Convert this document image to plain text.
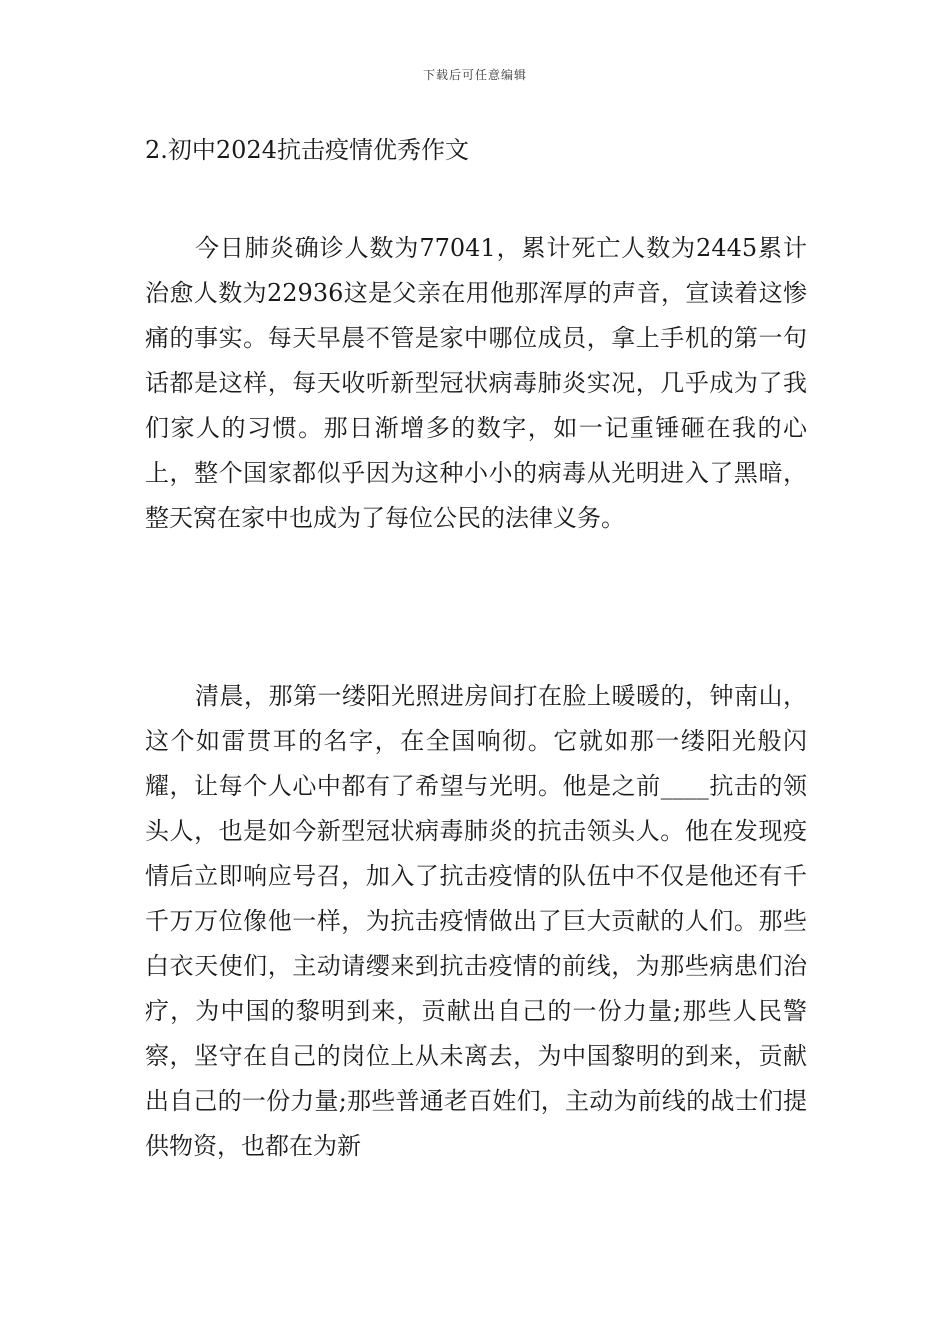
下载后可任意编辑
2.初中2024抗击疫情优秀作文

今日肺炎确诊人数为77041，累计死亡人数为2445累计治愈人数为22936这是父亲在用他那浑厚的声音，宣读着这惨痛的事实。每天早晨不管是家中哪位成员，拿上手机的第一句话都是这样，每天收听新型冠状病毒肺炎实况，几乎成为了我们家人的习惯。那日渐增多的数字，如一记重锤砸在我的心上，整个国家都似乎因为这种小小的病毒从光明进入了黑暗，整天窝在家中也成为了每位公民的法律义务。

清晨，那第一缕阳光照进房间打在脸上暖暖的，钟南山，这个如雷贯耳的名字，在全国响彻。它就如那一缕阳光般闪耀，让每个人心中都有了希望与光明。他是之前____抗击的领头人，也是如今新型冠状病毒肺炎的抗击领头人。他在发现疫情后立即响应号召，加入了抗击疫情的队伍中不仅是他还有千千万万位像他一样，为抗击疫情做出了巨大贡献的人们。那些白衣天使们，主动请缨来到抗击疫情的前线，为那些病患们治疗，为中国的黎明到来，贡献出自己的一份力量;那些人民警察，坚守在自己的岗位上从未离去，为中国黎明的到来，贡献出自己的一份力量;那些普通老百姓们，主动为前线的战士们提供物资，也都在为新
